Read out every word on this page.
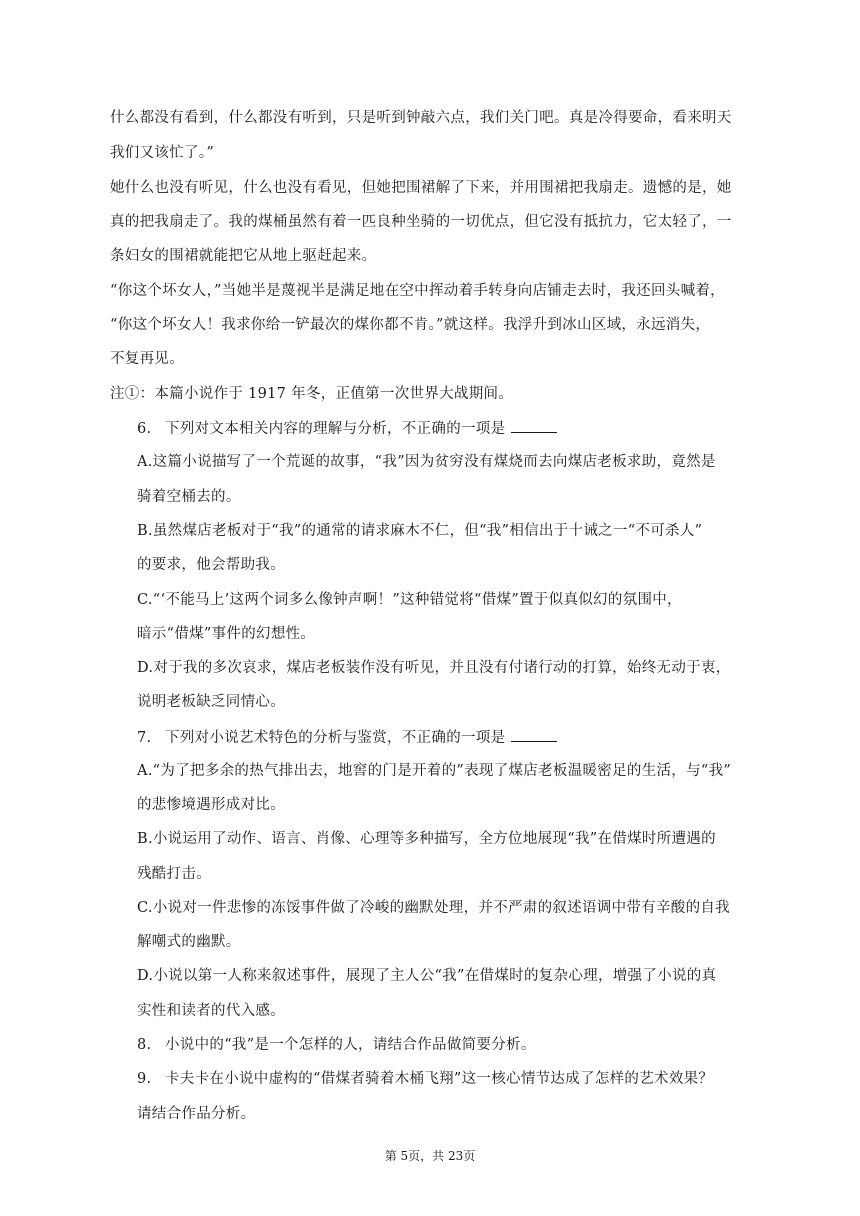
什么都没有看到，什么都没有听到，只是听到钟敲六点，我们关门吧。真是冷得要命，看来明天
我们又该忙了。”
她什么也没有听见，什么也没有看见，但她把围裙解了下来，并用围裙把我扇走。遗憾的是，她
真的把我扇走了。我的煤桶虽然有着一匹良种坐骑的一切优点，但它没有抵抗力，它太轻了，一
条妇女的围裙就能把它从地上驱赶起来。
“你这个坏女人，”当她半是蔑视半是满足地在空中挥动着手转身向店铺走去时，我还回头喊着，
“你这个坏女人！我求你给一铲最次的煤你都不肯。”就这样。我浮升到冰山区域，永远消失，
不复再见。
注①：本篇小说作于 1917 年冬，正值第一次世界大战期间。
6. 下列对文本相关内容的理解与分析，不正确的一项是
A.这篇小说描写了一个荒诞的故事，“我”因为贫穷没有煤烧而去向煤店老板求助，竟然是
骑着空桶去的。
B.虽然煤店老板对于“我”的通常的请求麻木不仁，但“我”相信出于十诫之一“不可杀人”
的要求，他会帮助我。
C.“‘不能马上’这两个词多么像钟声啊！”这种错觉将“借煤”置于似真似幻的氛围中，
暗示“借煤”事件的幻想性。
D.对于我的多次哀求，煤店老板装作没有听见，并且没有付诸行动的打算，始终无动于衷，
说明老板缺乏同情心。
7. 下列对小说艺术特色的分析与鉴赏，不正确的一项是
A.“为了把多余的热气排出去，地窖的门是开着的”表现了煤店老板温暖密足的生活，与“我”
的悲惨境遇形成对比。
B.小说运用了动作、语言、肖像、心理等多种描写，全方位地展现“我”在借煤时所遭遇的
残酷打击。
C.小说对一件悲惨的冻馁事件做了冷峻的幽默处理，并不严肃的叙述语调中带有辛酸的自我
解嘲式的幽默。
D.小说以第一人称来叙述事件，展现了主人公“我”在借煤时的复杂心理，增强了小说的真
实性和读者的代入感。
8. 小说中的“我”是一个怎样的人，请结合作品做简要分析。
9. 卡夫卡在小说中虚构的“借煤者骑着木桶飞翔”这一核心情节达成了怎样的艺术效果？
请结合作品分析。
第 5页，共 23页
